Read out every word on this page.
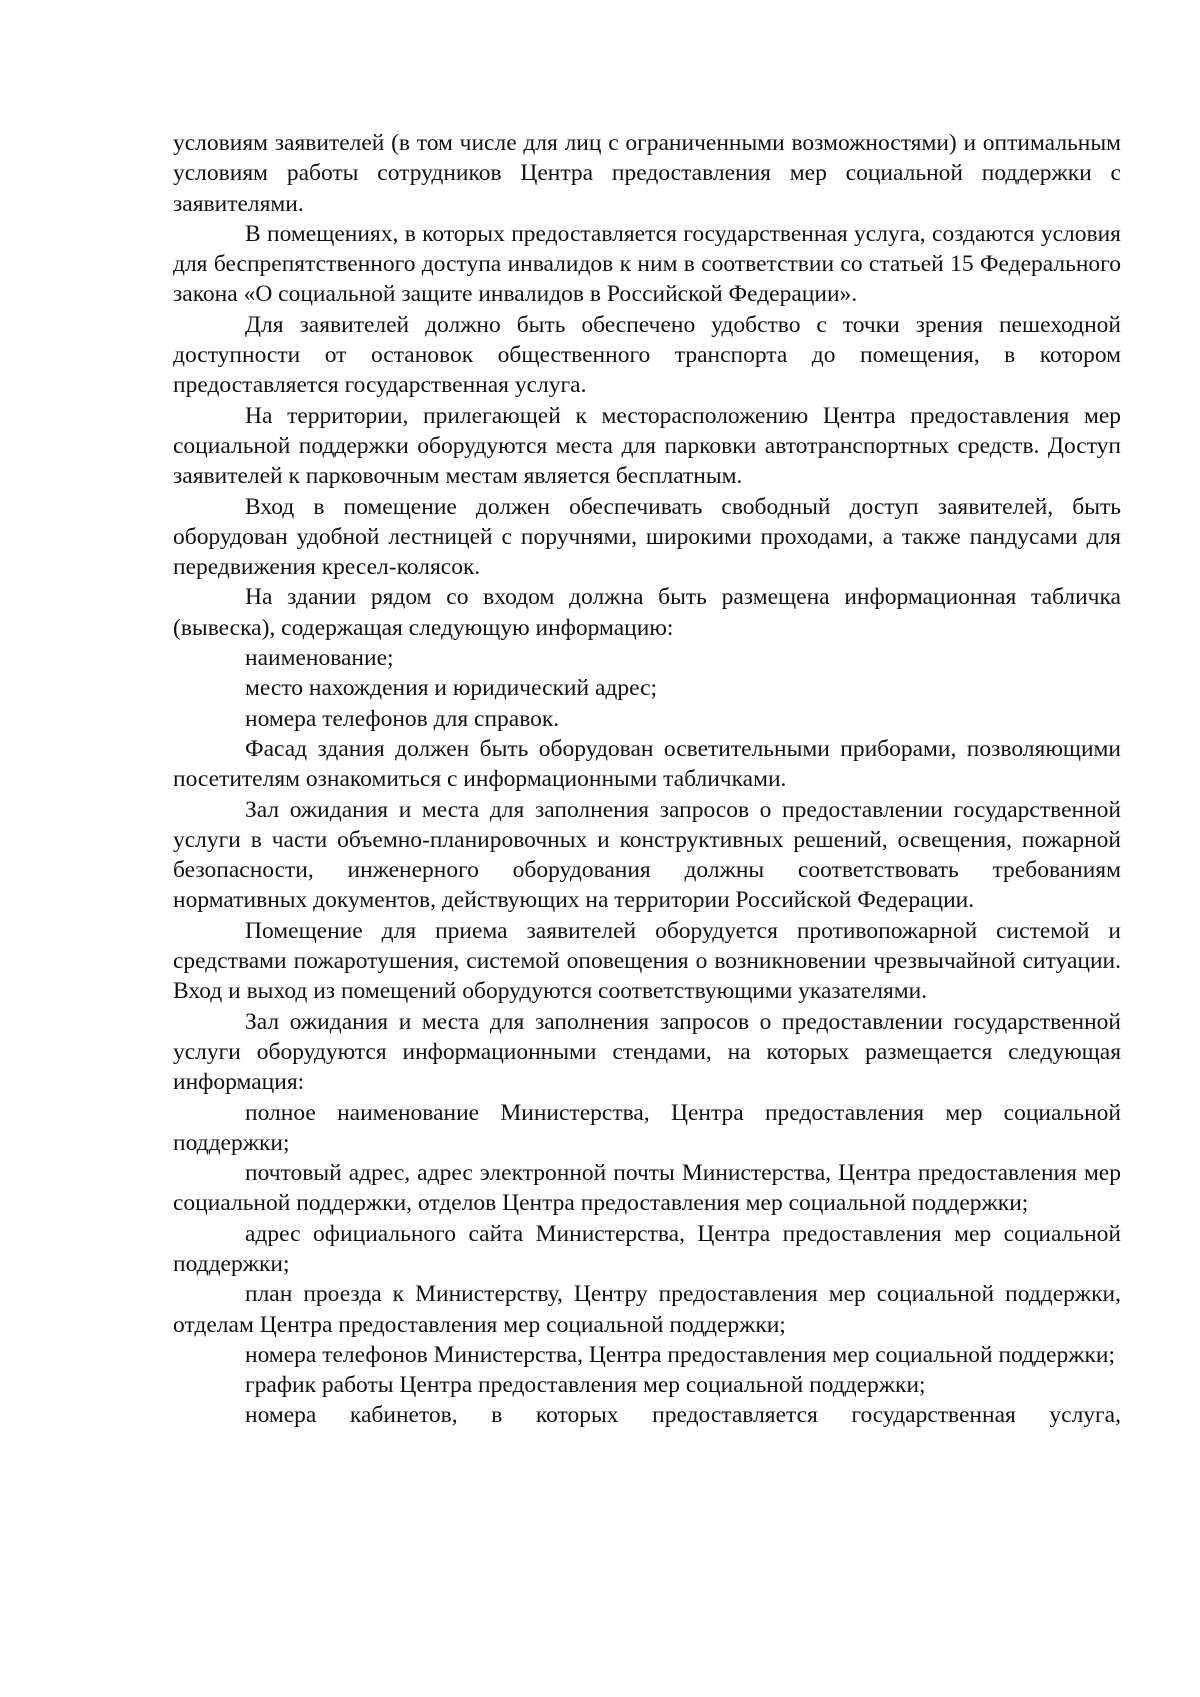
условиям заявителей (в том числе для лиц с ограниченными возможностями) и оптимальным условиям работы сотрудников Центра предоставления мер социальной поддержки с заявителями.

В помещениях, в которых предоставляется государственная услуга, создаются условия для беспрепятственного доступа инвалидов к ним в соответствии со статьей 15 Федерального закона «О социальной защите инвалидов в Российской Федерации».

Для заявителей должно быть обеспечено удобство с точки зрения пешеходной доступности от остановок общественного транспорта до помещения, в котором предоставляется государственная услуга.

На территории, прилегающей к месторасположению Центра предоставления мер социальной поддержки оборудуются места для парковки автотранспортных средств. Доступ заявителей к парковочным местам является бесплатным.

Вход в помещение должен обеспечивать свободный доступ заявителей, быть оборудован удобной лестницей с поручнями, широкими проходами, а также пандусами для передвижения кресел-колясок.

На здании рядом со входом должна быть размещена информационная табличка (вывеска), содержащая следующую информацию:

наименование;

место нахождения и юридический адрес;

номера телефонов для справок.

Фасад здания должен быть оборудован осветительными приборами, позволяющими посетителям ознакомиться с информационными табличками.

Зал ожидания и места для заполнения запросов о предоставлении государственной услуги в части объемно-планировочных и конструктивных решений, освещения, пожарной безопасности, инженерного оборудования должны соответствовать требованиям нормативных документов, действующих на территории Российской Федерации.

Помещение для приема заявителей оборудуется противопожарной системой и средствами пожаротушения, системой оповещения о возникновении чрезвычайной ситуации. Вход и выход из помещений оборудуются соответствующими указателями.

Зал ожидания и места для заполнения запросов о предоставлении государственной услуги оборудуются информационными стендами, на которых размещается следующая информация:

полное наименование Министерства, Центра предоставления мер социальной поддержки;

почтовый адрес, адрес электронной почты Министерства, Центра предоставления мер социальной поддержки, отделов Центра предоставления мер социальной поддержки;

адрес официального сайта Министерства, Центра предоставления мер социальной поддержки;

план проезда к Министерству, Центру предоставления мер социальной поддержки, отделам Центра предоставления мер социальной поддержки;

номера телефонов Министерства, Центра предоставления мер социальной поддержки;

график работы Центра предоставления мер социальной поддержки;

номера кабинетов, в которых предоставляется государственная услуга,
